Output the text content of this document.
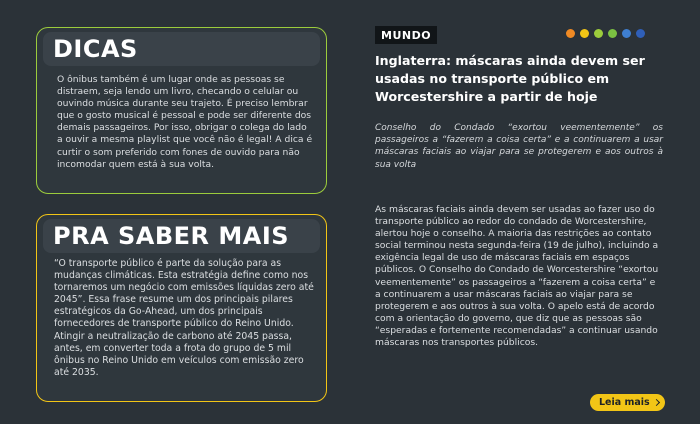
DICAS

O ônibus também é um lugar onde as pessoas se distraem, seja lendo um livro, checando o celular ou ouvindo música durante seu trajeto. É preciso lembrar que o gosto musical é pessoal e pode ser diferente dos demais passageiros. Por isso, obrigar o colega do lado a ouvir a mesma playlist que você não é legal! A dica é curtir o som preferido com fones de ouvido para não incomodar quem está à sua volta.

PRA SABER MAIS

“O transporte público é parte da solução para as mudanças climáticas. Esta estratégia define como nos tornaremos um negócio com emissões líquidas zero até 2045”. Essa frase resume um dos principais pilares estratégicos da Go-Ahead, um dos principais fornecedores de transporte público do Reino Unido. Atingir a neutralização de carbono até 2045 passa, antes, em converter toda a frota do grupo de 5 mil ônibus no Reino Unido em veículos com emissão zero até 2035.

MUNDO
Inglaterra: máscaras ainda devem ser usadas no transporte público em Worcestershire a partir de hoje

Conselho do Condado “exortou veementemente” os passageiros a “fazerem a coisa certa” e a continuarem a usar máscaras faciais ao viajar para se protegerem e aos outros à sua volta

As máscaras faciais ainda devem ser usadas ao fazer uso do transporte público ao redor do condado de Worcestershire, alertou hoje o conselho. A maioria das restrições ao contato social terminou nesta segunda-feira (19 de julho), incluindo a exigência legal de uso de máscaras faciais em espaços públicos. O Conselho do Condado de Worcestershire “exortou veementemente” os passageiros a “fazerem a coisa certa” e a continuarem a usar máscaras faciais ao viajar para se protegerem e aos outros à sua volta. O apelo está de acordo com a orientação do governo, que diz que as pessoas são “esperadas e fortemente recomendadas” a continuar usando máscaras nos transportes públicos.

Leia mais
